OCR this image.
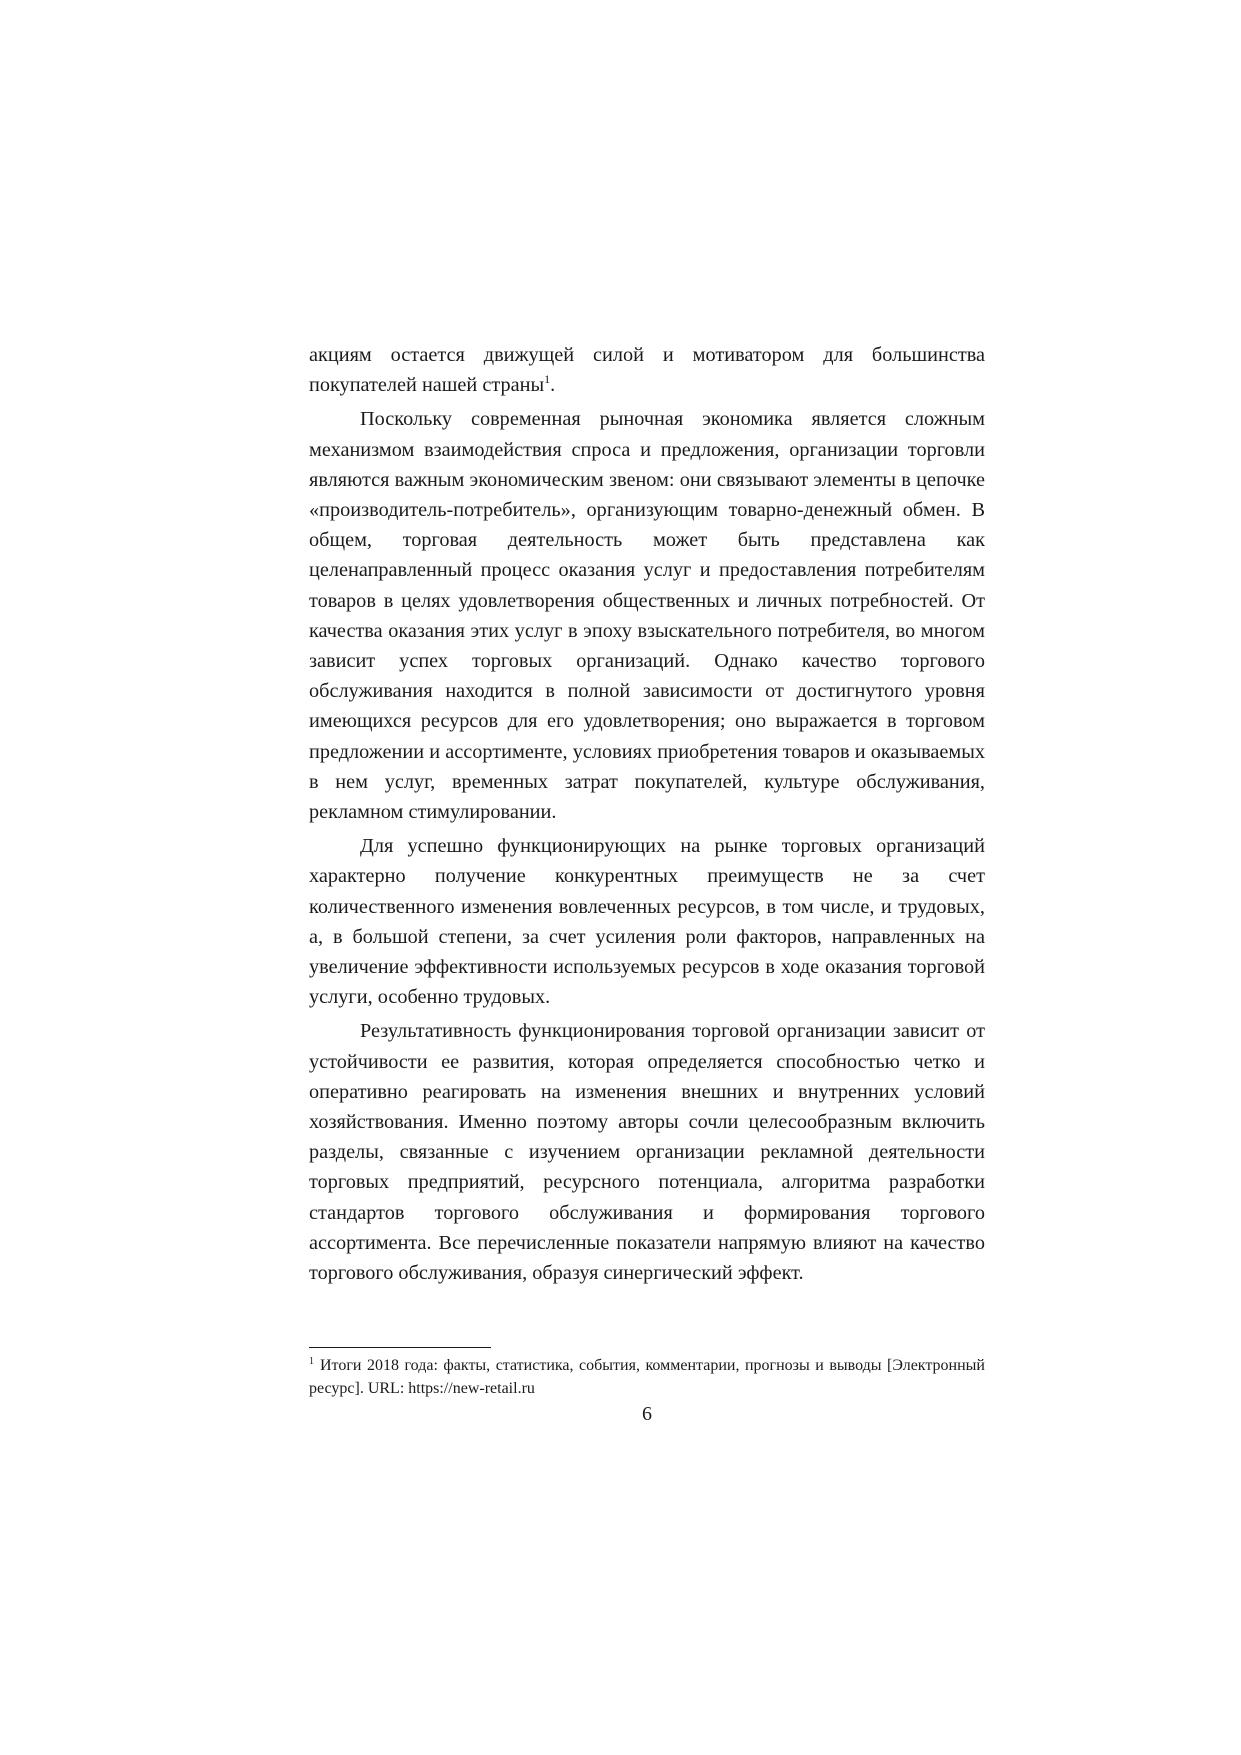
акциям остается движущей силой и мотиватором для большинства покупателей нашей страны$^1$.

Поскольку современная рыночная экономика является сложным механизмом взаимодействия спроса и предложения, организации торговли являются важным экономическим звеном: они связывают элементы в цепочке «производитель-потребитель», организующим товарно-денежный обмен. В общем, торговая деятельность может быть представлена как целенаправленный процесс оказания услуг и предоставления потребителям товаров в целях удовлетворения общественных и личных потребностей. От качества оказания этих услуг в эпоху взыскательного потребителя, во многом зависит успех торговых организаций. Однако качество торгового обслуживания находится в полной зависимости от достигнутого уровня имеющихся ресурсов для его удовлетворения; оно выражается в торговом предложении и ассортименте, условиях приобретения товаров и оказываемых в нем услуг, временных затрат покупателей, культуре обслуживания, рекламном стимулировании.

Для успешно функционирующих на рынке торговых организаций характерно получение конкурентных преимуществ не за счет количественного изменения вовлеченных ресурсов, в том числе, и трудовых, а, в большой степени, за счет усиления роли факторов, направленных на увеличение эффективности используемых ресурсов в ходе оказания торговой услуги, особенно трудовых.

Результативность функционирования торговой организации зависит от устойчивости ее развития, которая определяется способностью четко и оперативно реагировать на изменения внешних и внутренних условий хозяйствования. Именно поэтому авторы сочли целесообразным включить разделы, связанные с изучением организации рекламной деятельности торговых предприятий, ресурсного потенциала, алгоритма разработки стандартов торгового обслуживания и формирования торгового ассортимента. Все перечисленные показатели напрямую влияют на качество торгового обслуживания, образуя синергический эффект.

$^1$ Итоги 2018 года: факты, статистика, события, комментарии, прогнозы и выводы [Электронный ресурс]. URL: https://new-retail.ru
6
